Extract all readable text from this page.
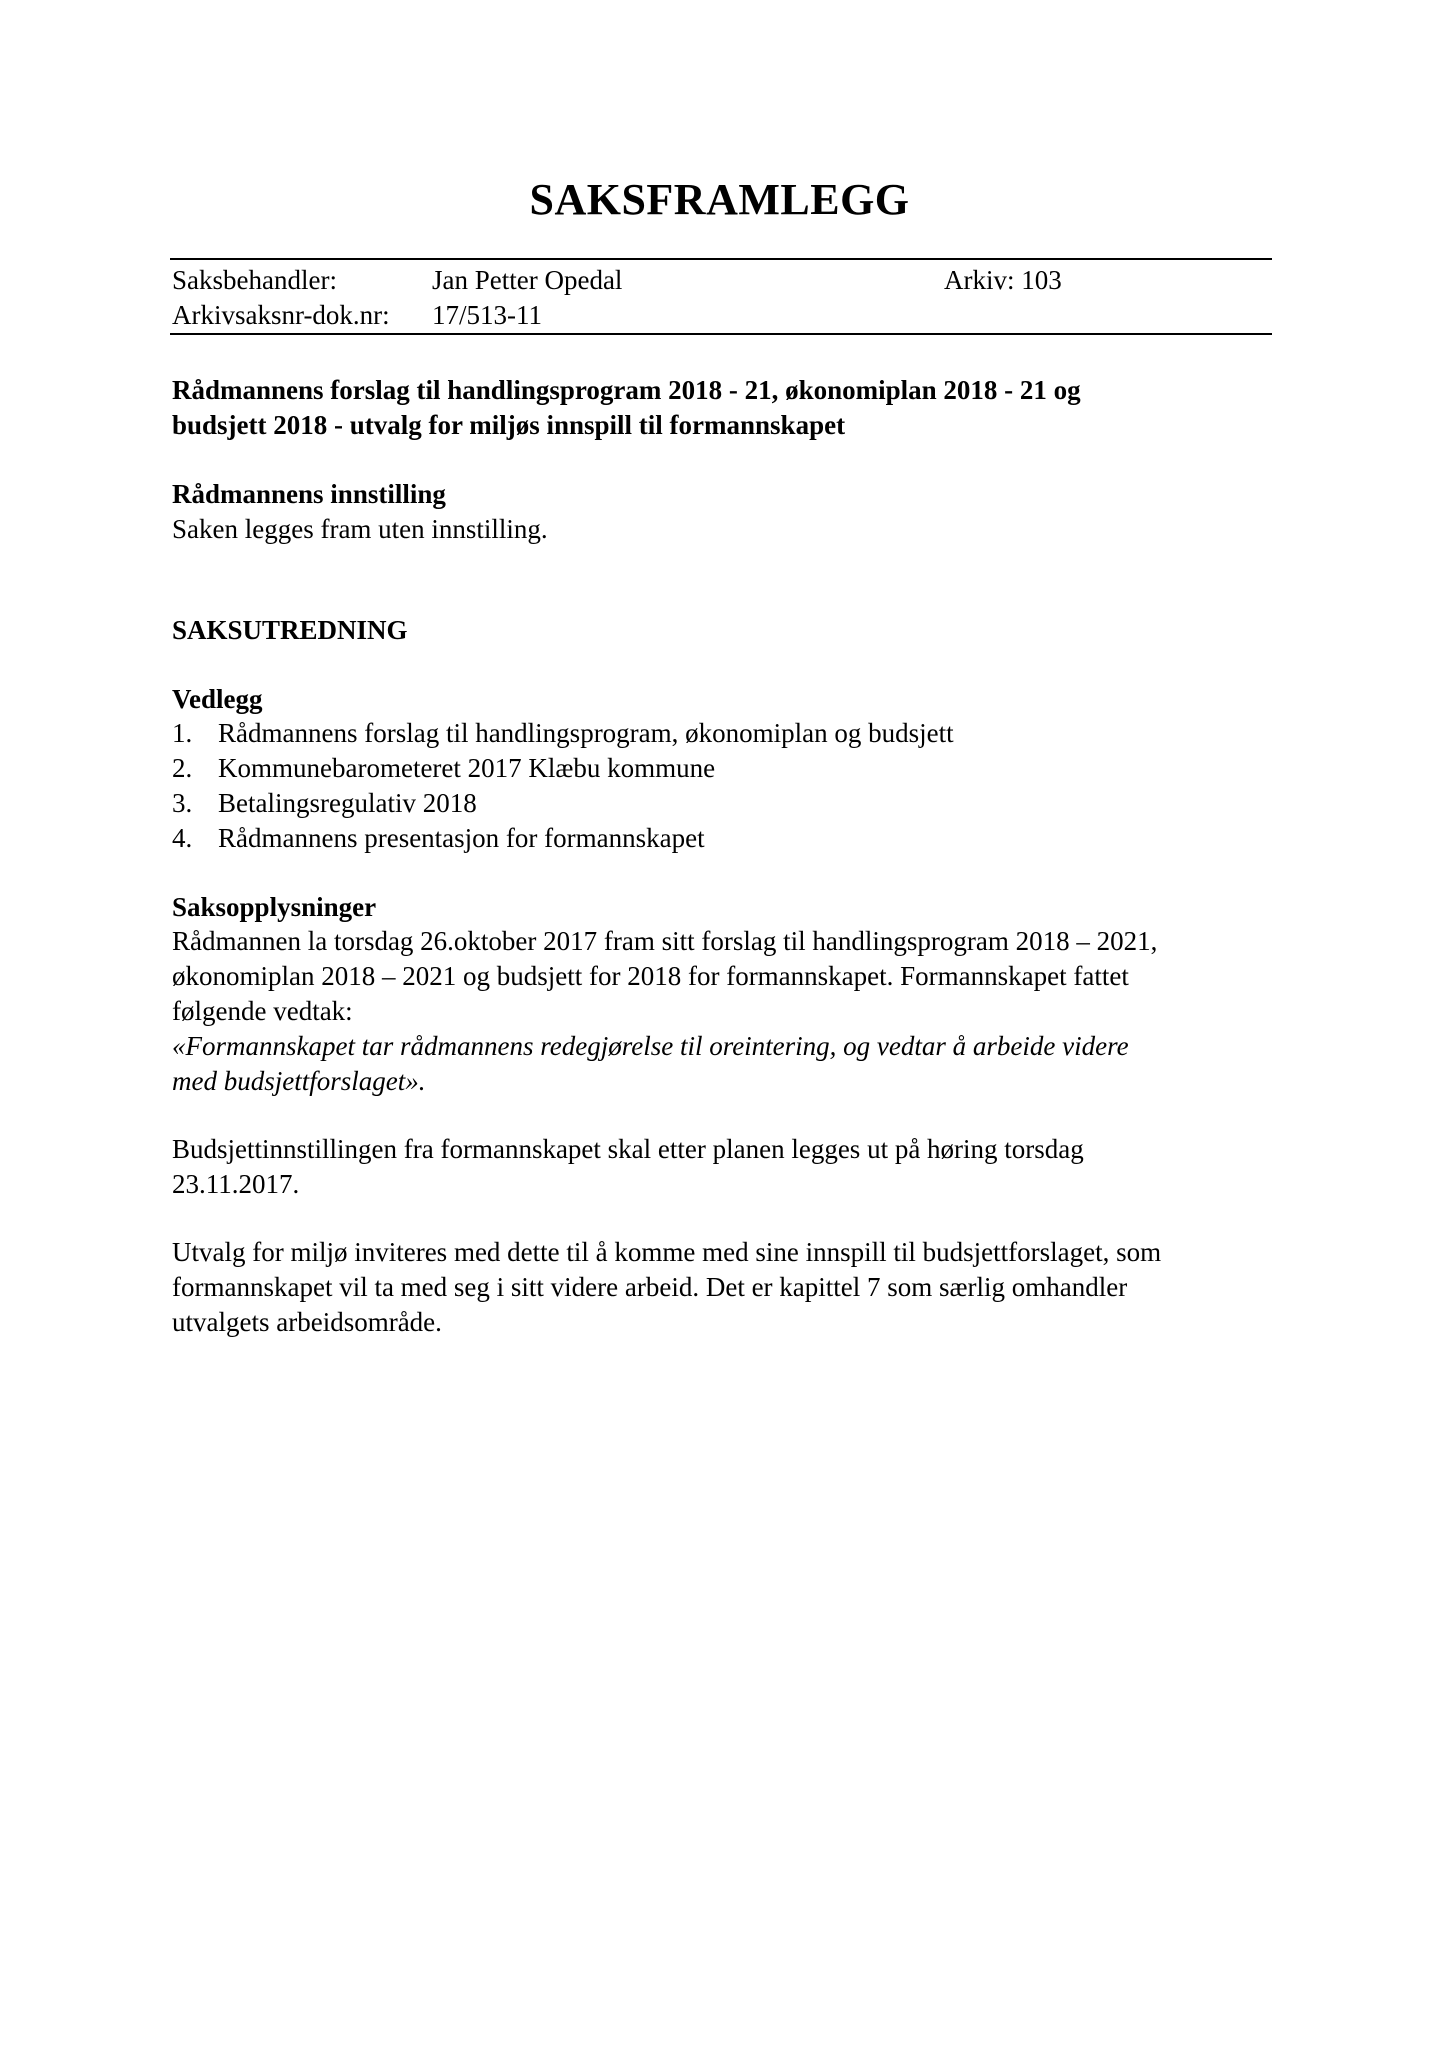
SAKSFRAMLEGG
Saksbehandler:	Jan Petter Opedal	Arkiv: 103
Arkivsaksnr-dok.nr: 17/513-11
Rådmannens forslag til handlingsprogram 2018 - 21, økonomiplan 2018 - 21 og
budsjett 2018 - utvalg for miljøs innspill til formannskapet
Rådmannens innstilling
Saken legges fram uten innstilling.
SAKSUTREDNING
Vedlegg
1. Rådmannens forslag til handlingsprogram, økonomiplan og budsjett
2. Kommunebarometeret 2017 Klæbu kommune
3. Betalingsregulativ 2018
4. Rådmannens presentasjon for formannskapet
Saksopplysninger
Rådmannen la torsdag 26.oktober 2017 fram sitt forslag til handlingsprogram 2018 – 2021,
økonomiplan 2018 – 2021 og budsjett for 2018 for formannskapet. Formannskapet fattet
følgende vedtak:
«Formannskapet tar rådmannens redegjørelse til oreintering, og vedtar å arbeide videre
med budsjettforslaget».
Budsjettinnstillingen fra formannskapet skal etter planen legges ut på høring torsdag
23.11.2017.
Utvalg for miljø inviteres med dette til å komme med sine innspill til budsjettforslaget, som
formannskapet vil ta med seg i sitt videre arbeid. Det er kapittel 7 som særlig omhandler
utvalgets arbeidsområde.
